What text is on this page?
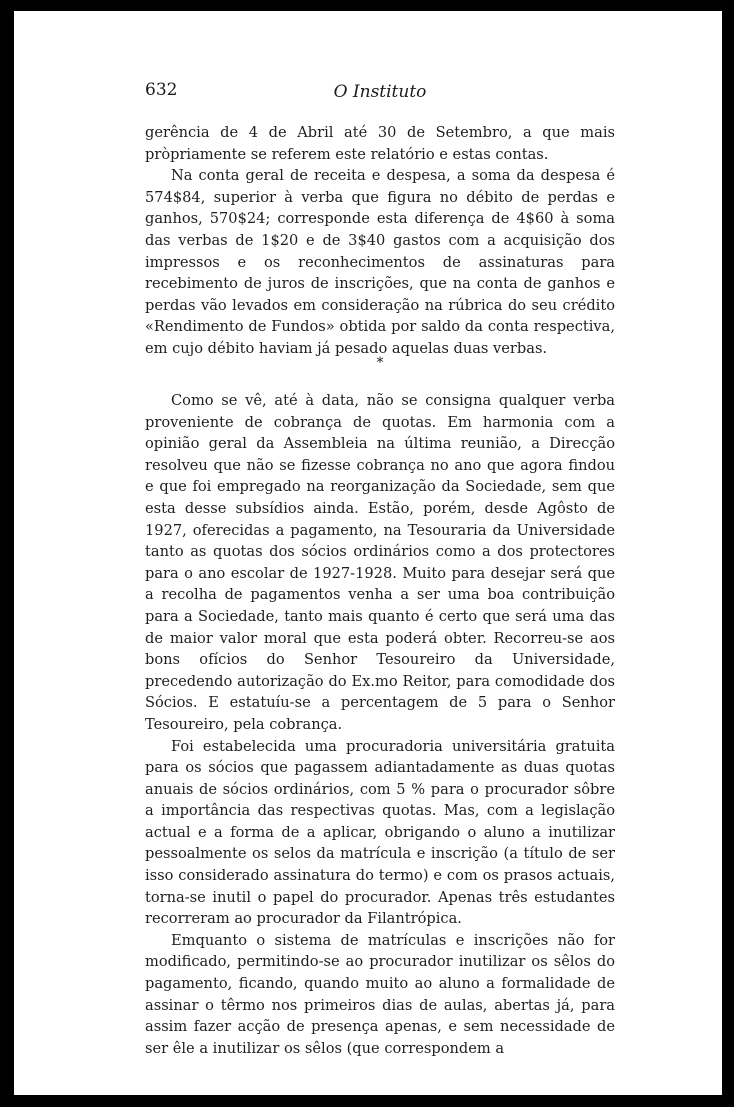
632	O Instituto

gerência de 4 de Abril até 30 de Setembro, a que mais pròpriamente se referem este relatório e estas contas.

Na conta geral de receita e despesa, a soma da despesa é 574$84, superior à verba que figura no débito de perdas e ganhos, 570$24; corresponde esta diferença de 4$60 à soma das verbas de 1$20 e de 3$40 gastos com a acquisição dos impressos e os reconhecimentos de assinaturas para recebimento de juros de inscrições, que na conta de ganhos e perdas vão levados em consideração na rúbrica do seu crédito «Rendimento de Fundos» obtida por saldo da conta respectiva, em cujo débito haviam já pesado aquelas duas verbas.

*

Como se vê, até à data, não se consigna qualquer verba proveniente de cobrança de quotas. Em harmonia com a opinião geral da Assembleia na última reunião, a Direcção resolveu que não se fizesse cobrança no ano que agora findou e que foi empregado na reorganização da Sociedade, sem que esta desse subsídios ainda. Estão, porém, desde Agôsto de 1927, oferecidas a pagamento, na Tesouraria da Universidade tanto as quotas dos sócios ordinários como a dos protectores para o ano escolar de 1927-1928. Muito para desejar será que a recolha de pagamentos venha a ser uma boa contribuição para a Sociedade, tanto mais quanto é certo que será uma das de maior valor moral que esta poderá obter. Recorreu-se aos bons ofícios do Senhor Tesoureiro da Universidade, precedendo autorização do Ex.mo Reitor, para comodidade dos Sócios. E estatuíu-se a percentagem de 5 para o Senhor Tesoureiro, pela cobrança.

Foi estabelecida uma procuradoria universitária gratuita para os sócios que pagassem adiantadamente as duas quotas anuais de sócios ordinários, com 5 % para o procurador sôbre a importância das respectivas quotas. Mas, com a legislação actual e a forma de a aplicar, obrigando o aluno a inutilizar pessoalmente os selos da matrícula e inscrição (a título de ser isso considerado assinatura do termo) e com os prasos actuais, torna-se inutil o papel do procurador. Apenas três estudantes recorreram ao procurador da Filantrópica.

Emquanto o sistema de matrículas e inscrições não for modificado, permitindo-se ao procurador inutilizar os sêlos do pagamento, ficando, quando muito ao aluno a formalidade de assinar o têrmo nos primeiros dias de aulas, abertas já, para assim fazer acção de presença apenas, e sem necessidade de ser êle a inutilizar os sêlos (que correspondem a
